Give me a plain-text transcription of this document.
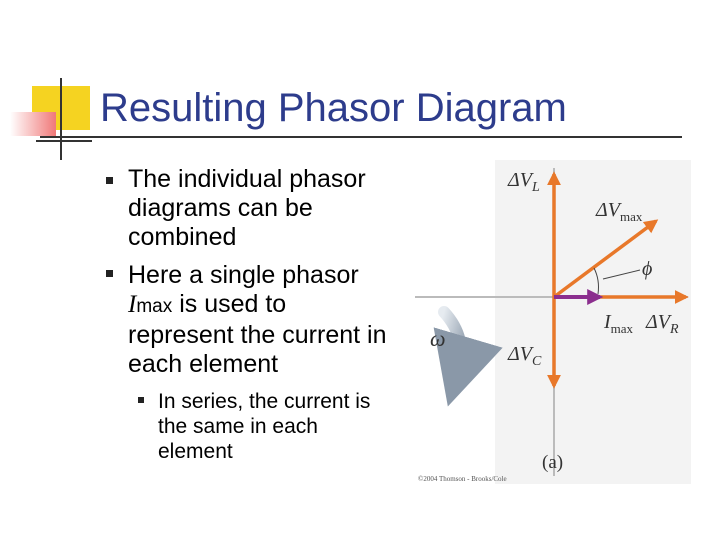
Resulting Phasor Diagram
The individual phasor diagrams can be combined
Here a single phasor
Imax is used to represent the current in each element
In series, the current is the same in each element
$\Delta V_L$
$\Delta V_{max}$
ϕ
ω
$I_{max}$ $\Delta V_R$
$\Delta V_C$
(a)
©2004 Thomson - Brooks/Cole
